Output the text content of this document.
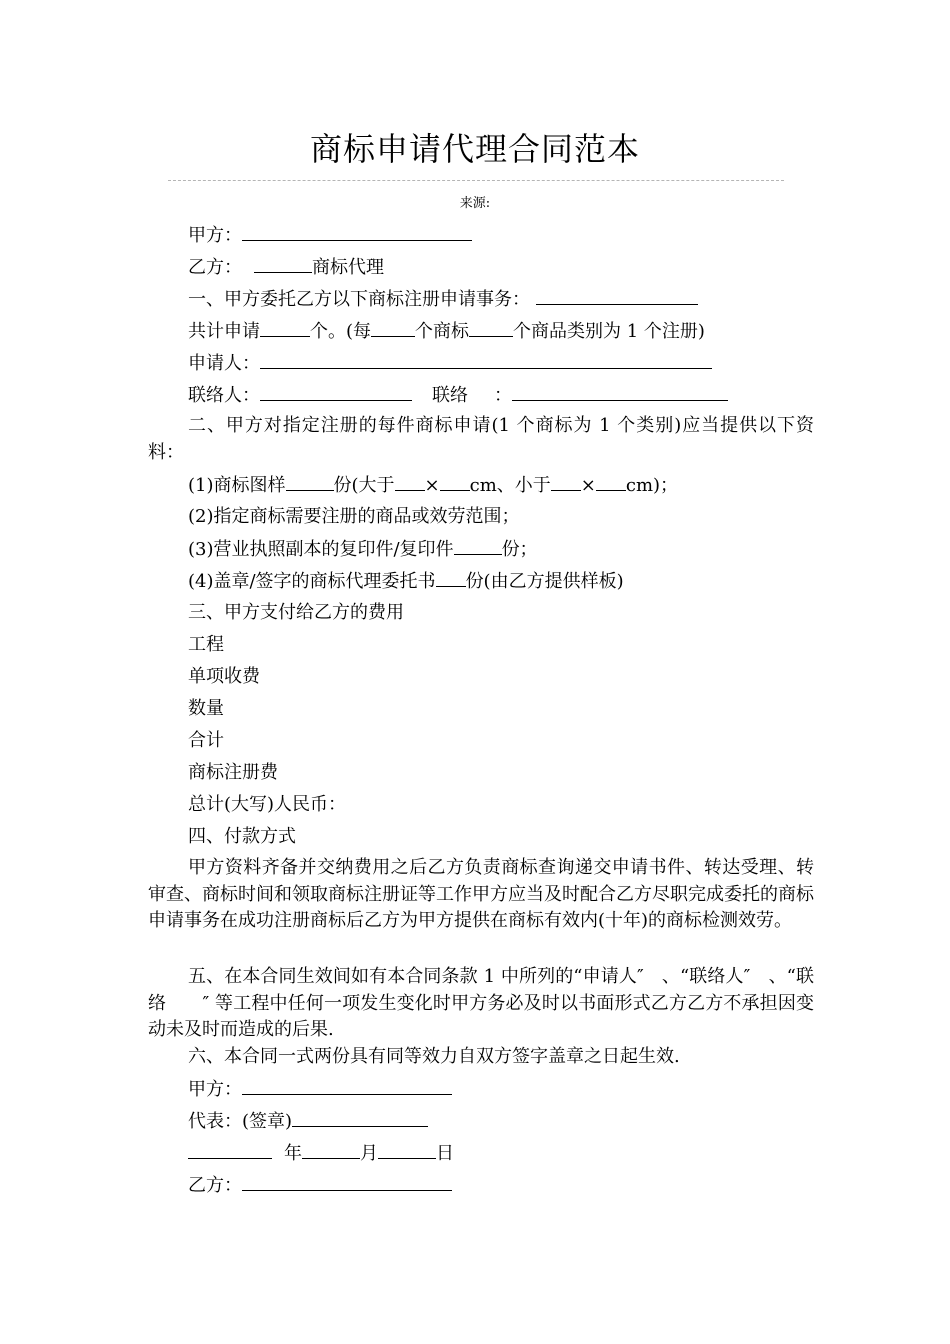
商标申请代理合同范本
来源:
甲方：
乙方：	商标代理
一、甲方委托乙方以下商标注册申请事务：
共计申请	个。(每 个商标 个商品类别为 1 个注册)
申请人：
联络人：	联络 ：
二、甲方对指定注册的每件商标申请(1 个商标为 1 个类别)应当提供以下资料：
(1)商标图样	份(大于 × cm、小于 × cm)；
(2)指定商标需要注册的商品或效劳范围；
(3)营业执照副本的复印件/复印件	份；
(4)盖章/签字的商标代理委托书 份(由乙方提供样板)
三、甲方支付给乙方的费用
工程
单项收费
数量
合计
商标注册费
总计(大写)人民币：
四、付款方式
甲方资料齐备并交纳费用之后乙方负责商标查询递交申请书件、转达受理、转审查、商标时间和领取商标注册证等工作甲方应当及时配合乙方尽职完成委托的商标申请事务在成功注册商标后乙方为甲方提供在商标有效内(十年)的商标检测效劳。
五、在本合同生效间如有本合同条款 1 中所列的“申请人″　、“联络人″　、“联络　　″ 等工程中任何一项发生变化时甲方务必及时以书面形式乙方乙方不承担因变动未及时而造成的后果.
六、本合同一式两份具有同等效力自双方签字盖章之日起生效.
甲方：
代表：(签章)
年	月	日
乙方：
